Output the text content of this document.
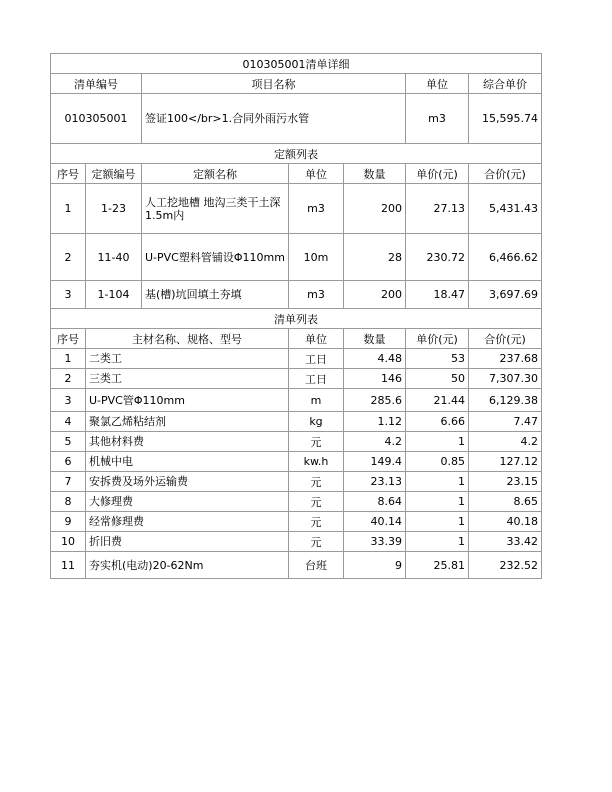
010305001清单详细						
清单编号		项目名称			单位	综合单价
010305001		签证100</br>1.合同外雨污水管			m3	15,595.74
定额列表						
序号	定额编号	定额名称	单位	数量	单价(元)	合价(元)
1	1-23	人工挖地槽 地沟三类干土深1.5m内	m3	200	27.13	5,431.43
2	11-40	U-PVC塑料管铺设Φ110mm	10m	28	230.72	6,466.62
3	1-104	基(槽)坑回填土夯填	m3	200	18.47	3,697.69
清单列表						
序号	主材名称、规格、型号		单位	数量	单价(元)	合价(元)
1	二类工		工日	4.48	53	237.68
2	三类工		工日	146	50	7,307.30
3	U-PVC管Φ110mm		m	285.6	21.44	6,129.38
4	聚氯乙烯粘结剂		kg	1.12	6.66	7.47
5	其他材料费		元	4.2	1	4.2
6	机械中电		kw.h	149.4	0.85	127.12
7	安拆费及场外运输费		元	23.13	1	23.15
8	大修理费		元	8.64	1	8.65
9	经常修理费		元	40.14	1	40.18
10	折旧费		元	33.39	1	33.42
11	夯实机(电动)20-62Nm		台班	9	25.81	232.52
